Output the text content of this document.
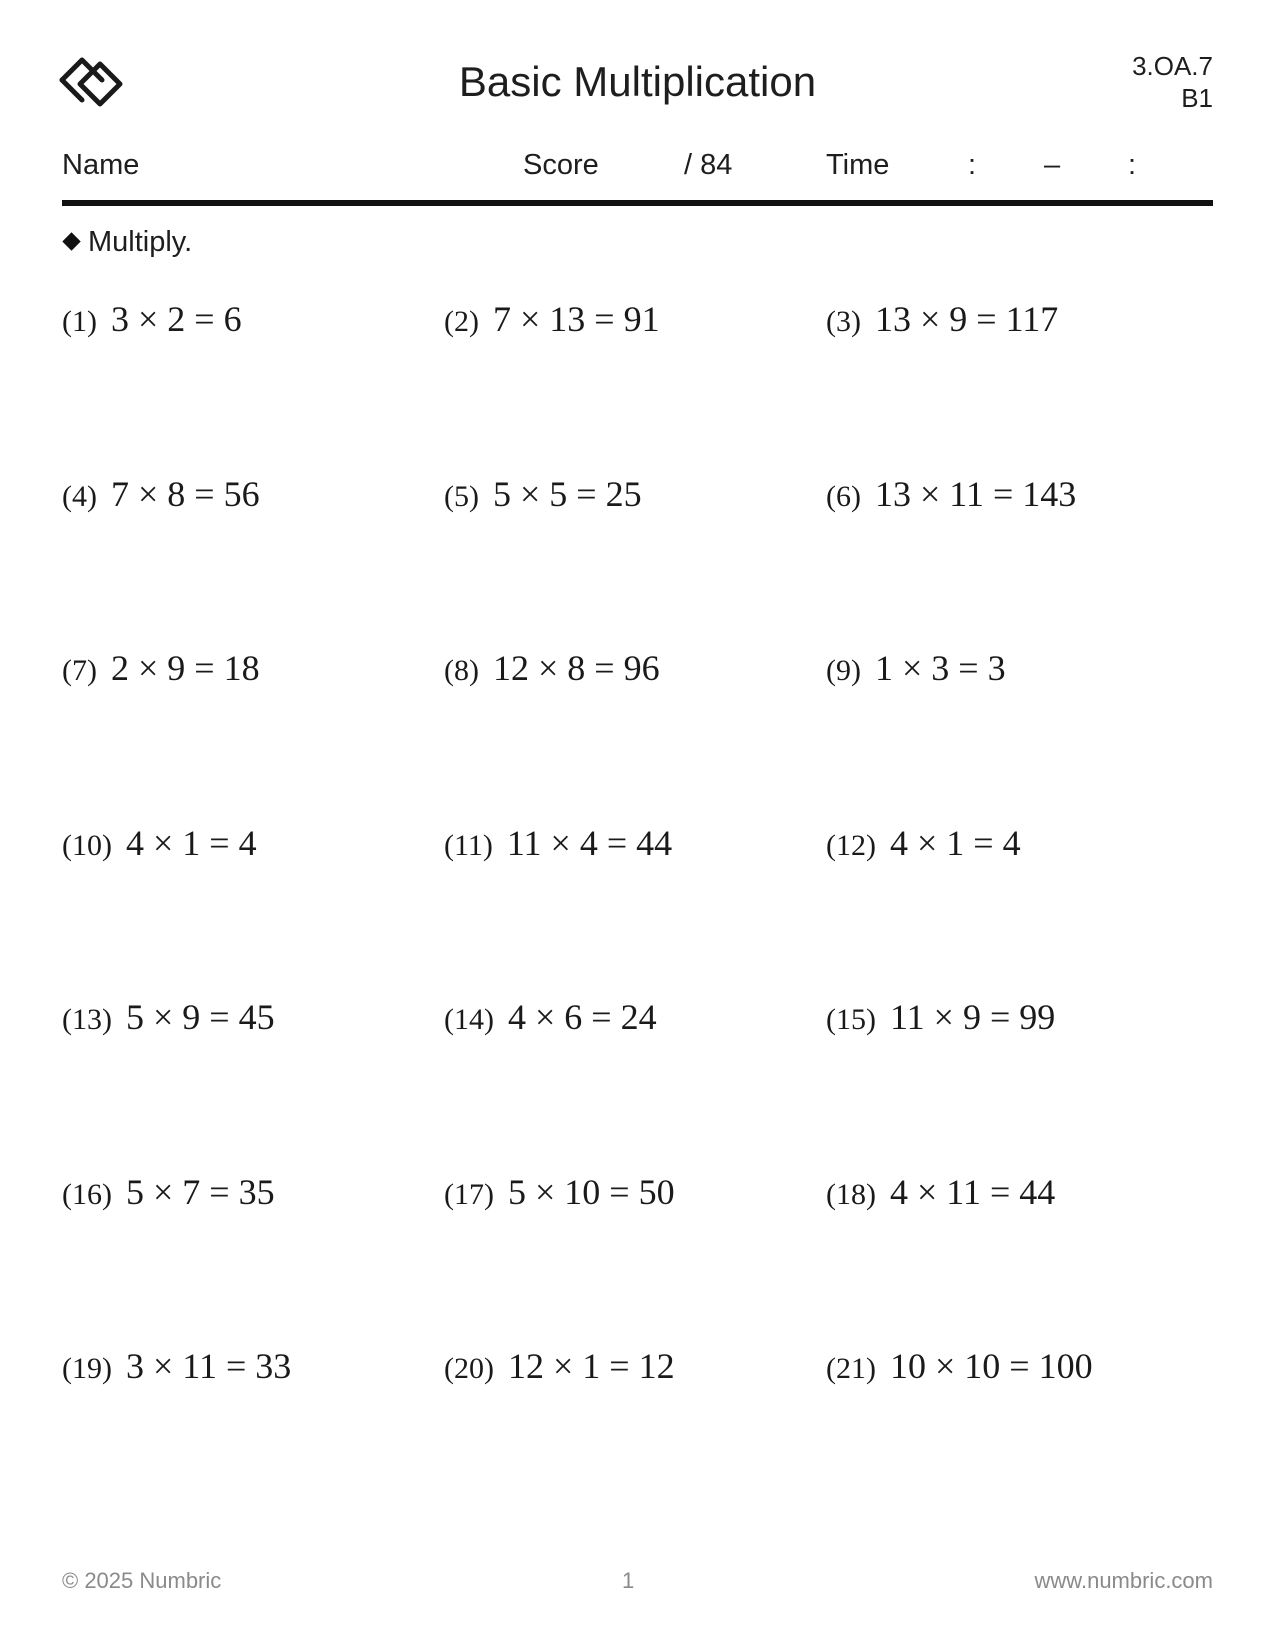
Basic Multiplication	3.OA.7
B1
Name	Score	/ 84	Time	: – :
Multiply.
(1) 3 × 2 = 6	(2) 7 × 13 = 91	(3) 13 × 9 = 117
(4) 7 × 8 = 56	(5) 5 × 5 = 25	(6) 13 × 11 = 143
(7) 2 × 9 = 18	(8) 12 × 8 = 96	(9) 1 × 3 = 3
(10) 4 × 1 = 4	(11) 11 × 4 = 44	(12) 4 × 1 = 4
(13) 5 × 9 = 45	(14) 4 × 6 = 24	(15) 11 × 9 = 99
(16) 5 × 7 = 35	(17) 5 × 10 = 50	(18) 4 × 11 = 44
(19) 3 × 11 = 33	(20) 12 × 1 = 12	(21) 10 × 10 = 100
© 2025 Numbric	1	www.numbric.com
